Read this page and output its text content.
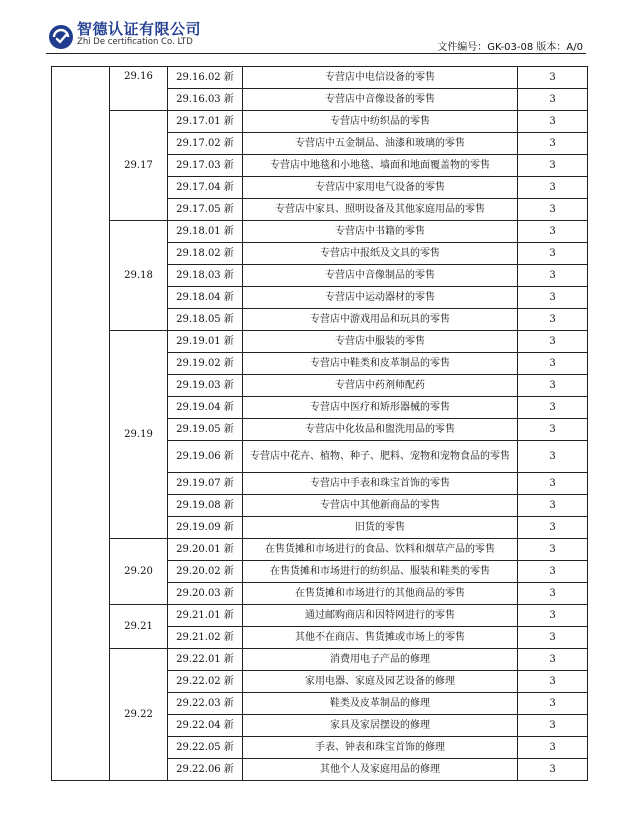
智德认证有限公司
Zhi De certification Co. LTD	文件编号：GK-03-08 版本：A/0
	29.16	29.16.02 新	专营店中电信设备的零售	3
		29.16.03 新	专营店中音像设备的零售	3
	29.17	29.17.01 新	专营店中纺织品的零售	3
		29.17.02 新	专营店中五金制品、油漆和玻璃的零售	3
		29.17.03 新	专营店中地毯和小地毯、墙面和地面覆盖物的零售	3
		29.17.04 新	专营店中家用电气设备的零售	3
		29.17.05 新	专营店中家具、照明设备及其他家庭用品的零售	3
	29.18	29.18.01 新	专营店中书籍的零售	3
		29.18.02 新	专营店中报纸及文具的零售	3
		29.18.03 新	专营店中音像制品的零售	3
		29.18.04 新	专营店中运动器材的零售	3
		29.18.05 新	专营店中游戏用品和玩具的零售	3
	29.19	29.19.01 新	专营店中服装的零售	3
		29.19.02 新	专营店中鞋类和皮革制品的零售	3
		29.19.03 新	专营店中药剂师配药	3
		29.19.04 新	专营店中医疗和矫形器械的零售	3
		29.19.05 新	专营店中化妆品和盥洗用品的零售	3
		29.19.06 新	专营店中花卉、植物、种子、肥料、宠物和宠物食品的零售	3
		29.19.07 新	专营店中手表和珠宝首饰的零售	3
		29.19.08 新	专营店中其他新商品的零售	3
		29.19.09 新	旧货的零售	3
	29.20	29.20.01 新	在售货摊和市场进行的食品、饮料和烟草产品的零售	3
		29.20.02 新	在售货摊和市场进行的纺织品、服装和鞋类的零售	3
		29.20.03 新	在售货摊和市场进行的其他商品的零售	3
	29.21	29.21.01 新	通过邮购商店和因特网进行的零售	3
		29.21.02 新	其他不在商店、售货摊或市场上的零售	3
	29.22	29.22.01 新	消费用电子产品的修理	3
		29.22.02 新	家用电器、家庭及园艺设备的修理	3
		29.22.03 新	鞋类及皮革制品的修理	3
		29.22.04 新	家具及家居摆设的修理	3
		29.22.05 新	手表、钟表和珠宝首饰的修理	3
		29.22.06 新	其他个人及家庭用品的修理	3
